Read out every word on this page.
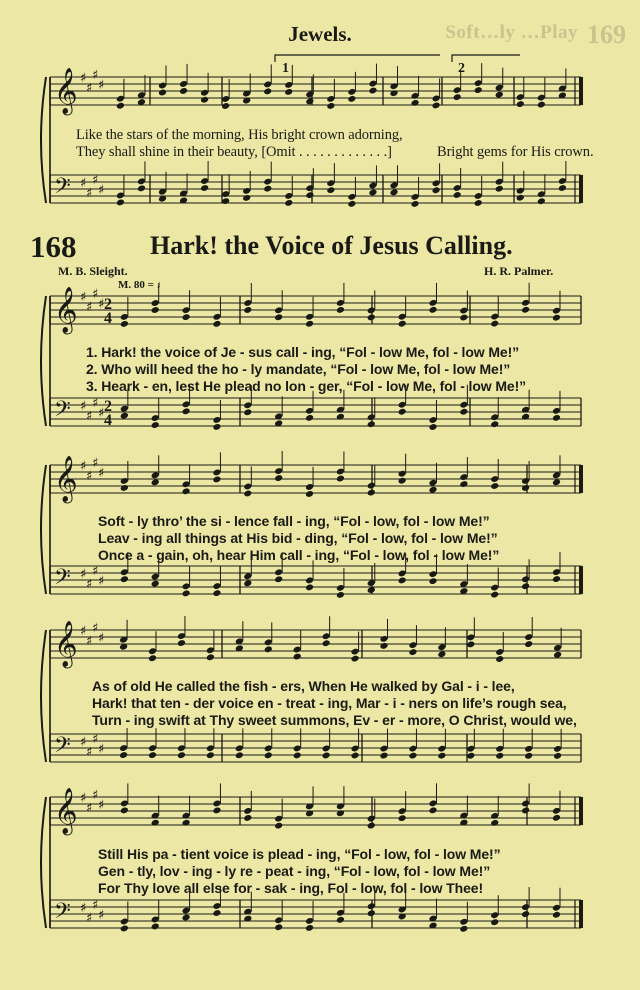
Soft…ly …Play 169
Jewels.
𝄞 ♯
♯
♯
♯
𝄢 ♯
♯
♯
♯
1	2
𝄞 ♯
♯
♯
♯
𝄢 ♯
♯
♯
♯
𝄞 ♯
♯
♯
♯
𝄢 ♯
♯
♯
♯
𝄞 ♯
♯
♯
♯
𝄢 ♯
♯
♯
♯
𝄞 ♯
♯
♯
♯
𝄢 ♯
♯
♯
♯
2
4
2
4
Like the stars of the morning, His bright crown adorning,
They shall shine in their beauty, [Omit . . . . . . . . . . . . .]	Bright gems for His crown.
168	Hark! the Voice of Jesus Calling.
M. B. Sleight.	H. R. Palmer.
M. 80 = ♩
1. Hark! the voice of Je - sus call - ing, “Fol - low Me, fol - low Me!”
2. Who will heed the ho - ly mandate, “Fol - low Me, fol - low Me!”
3. Heark - en, lest He plead no lon - ger, “Fol - low Me, fol - low Me!”
Soft - ly thro’ the si - lence fall - ing, “Fol - low, fol - low Me!”
Leav - ing all things at His bid - ding, “Fol - low, fol - low Me!”
Once a - gain, oh, hear Him call - ing, “Fol - low, fol - low Me!”
As of old He called the fish - ers, When He walked by Gal - i - lee,
Hark! that ten - der voice en - treat - ing, Mar - i - ners on life’s rough sea,
Turn - ing swift at Thy sweet summons, Ev - er - more, O Christ, would we,
Still His pa - tient voice is plead - ing, “Fol - low, fol - low Me!”
Gen - tly, lov - ing - ly re - peat - ing, “Fol - low, fol - low Me!”
For Thy love all else for - sak - ing, Fol - low, fol - low Thee!
